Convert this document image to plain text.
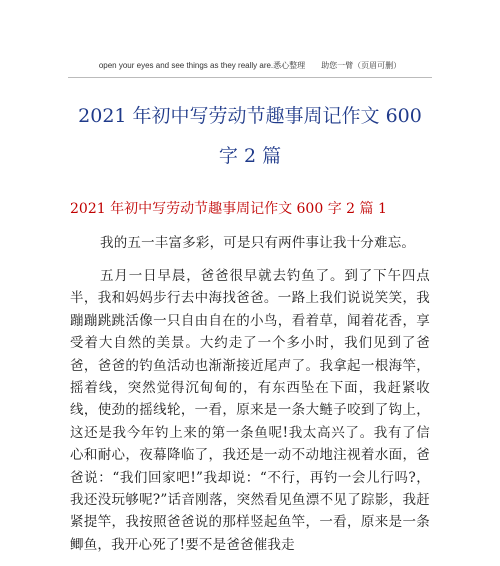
open your eyes and see things as they really are.悉心整理　　助您一臂（页眉可删）
2021 年初中写劳动节趣事周记作文 600
字 2 篇
2021 年初中写劳动节趣事周记作文 600 字 2 篇 1

我的五一丰富多彩，可是只有两件事让我十分难忘。

五月一日早晨，爸爸很早就去钓鱼了。到了下午四点半，我和妈妈步行去中海找爸爸。一路上我们说说笑笑，我蹦蹦跳跳活像一只自由自在的小鸟，看着草，闻着花香，享受着大自然的美景。大约走了一个多小时，我们见到了爸爸，爸爸的钓鱼活动也渐渐接近尾声了。我拿起一根海竿，摇着线，突然觉得沉甸甸的，有东西坠在下面，我赶紧收线，使劲的摇线轮，一看，原来是一条大鲢子咬到了钩上，这还是我今年钓上来的第一条鱼呢!我太高兴了。我有了信心和耐心，夜幕降临了，我还是一动不动地注视着水面，爸爸说：“我们回家吧!”我却说：“不行，再钓一会儿行吗?，我还没玩够呢?”话音刚落，突然看见鱼漂不见了踪影，我赶紧提竿，我按照爸爸说的那样竖起鱼竿，一看，原来是一条鲫鱼，我开心死了!要不是爸爸催我走
